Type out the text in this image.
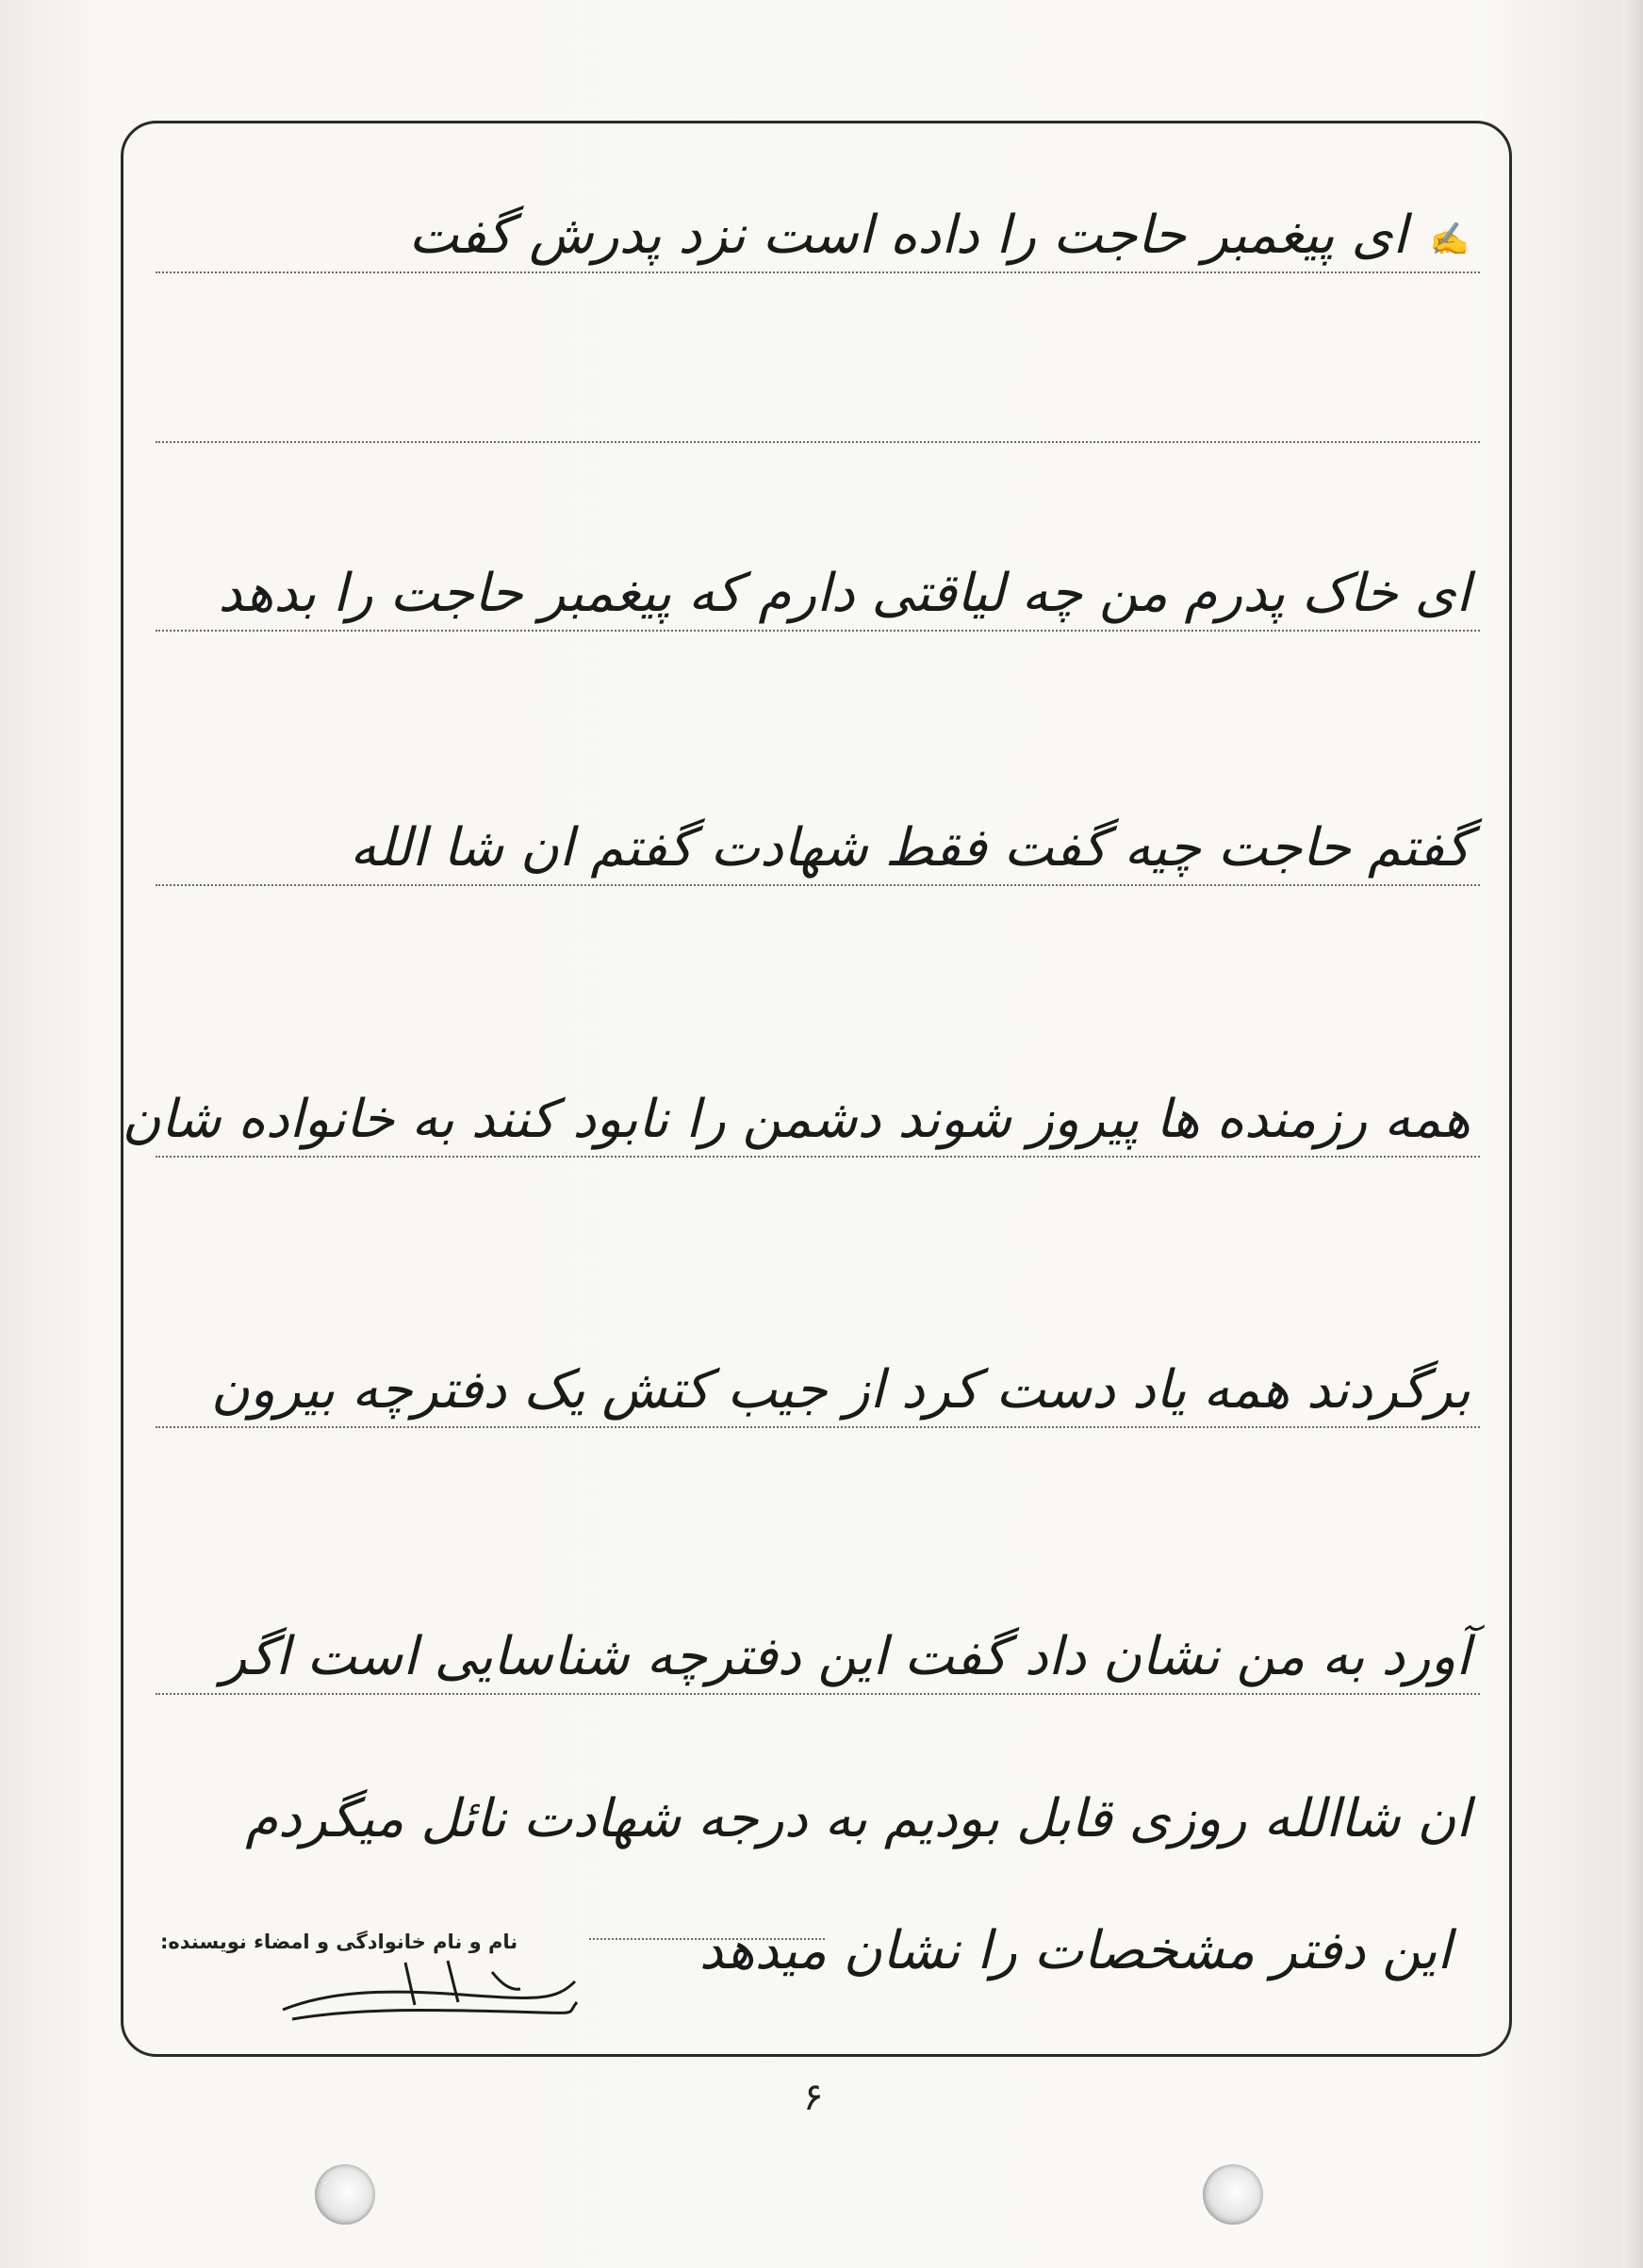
✍ ای پیغمبر حاجت را داده است نزد پدرش گفت
ای خاک پدرم من چه لیاقتی دارم که پیغمبر حاجت را بدهد
گفتم حاجت چیه گفت فقط شهادت گفتم ان شا الله
همه رزمنده ها پیروز شوند دشمن را نابود کنند به خانواده شان
برگردند همه یاد دست کرد از جیب کتش یک دفترچه بیرون
آورد به من نشان داد گفت این دفترچه شناسایی است اگر
ان شاالله روزی قابل بودیم به درجه شهادت نائل میگردم
این دفتر مشخصات را نشان میدهد
نام و نام خانوادگی و امضاء نویسنده:
۶
